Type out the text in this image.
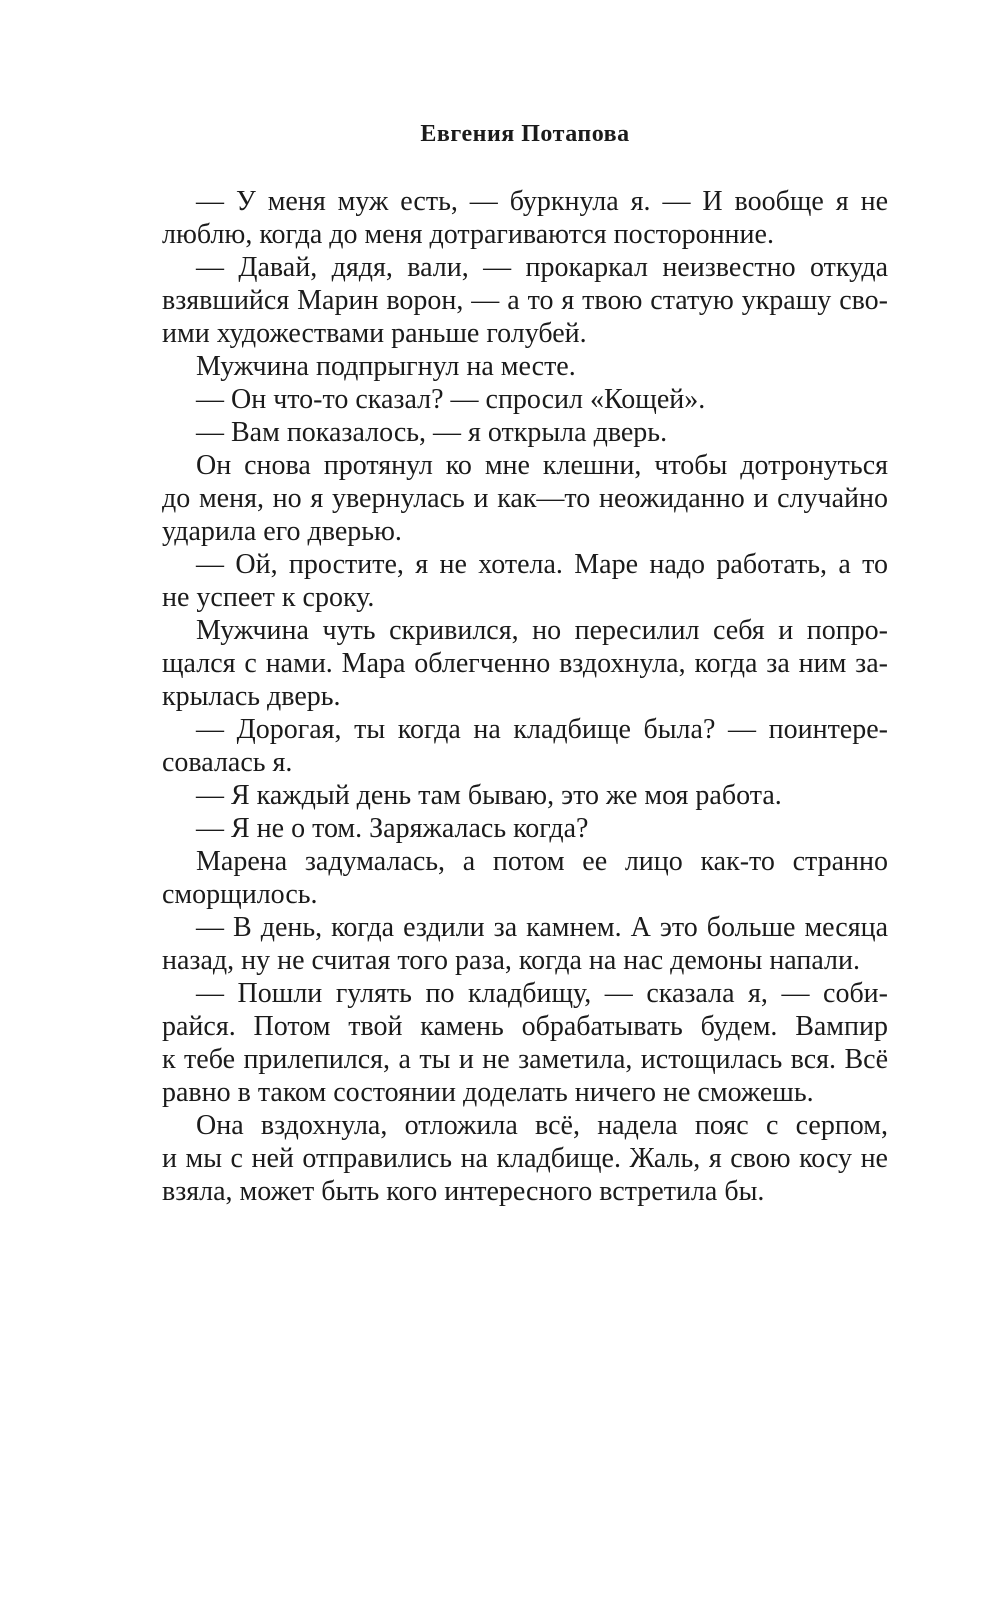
Евгения Потапова
— У меня муж есть, — буркнула я. — И вообще я не
люблю, когда до меня дотрагиваются посторонние.
— Давай, дядя, вали, — прокаркал неизвестно откуда
взявшийся Марин ворон, — а то я твою статую украшу сво-
ими художествами раньше голубей.
Мужчина подпрыгнул на месте.
— Он что-то сказал? — спросил «Кощей».
— Вам показалось, — я открыла дверь.
Он снова протянул ко мне клешни, чтобы дотронуться
до меня, но я увернулась и как—то неожиданно и случайно
ударила его дверью.
— Ой, простите, я не хотела. Маре надо работать, а то
не успеет к сроку.
Мужчина чуть скривился, но пересилил себя и попро-
щался с нами. Мара облегченно вздохнула, когда за ним за-
крылась дверь.
— Дорогая, ты когда на кладбище была? — поинтере-
совалась я.
— Я каждый день там бываю, это же моя работа.
— Я не о том. Заряжалась когда?
Марена задумалась, а потом ее лицо как-то странно
сморщилось.
— В день, когда ездили за камнем. А это больше месяца
назад, ну не считая того раза, когда на нас демоны напали.
— Пошли гулять по кладбищу, — сказала я, — соби-
райся. Потом твой камень обрабатывать будем. Вампир
к тебе прилепился, а ты и не заметила, истощилась вся. Всё
равно в таком состоянии доделать ничего не сможешь.
Она вздохнула, отложила всё, надела пояс с серпом,
и мы с ней отправились на кладбище. Жаль, я свою косу не
взяла, может быть кого интересного встретила бы.
